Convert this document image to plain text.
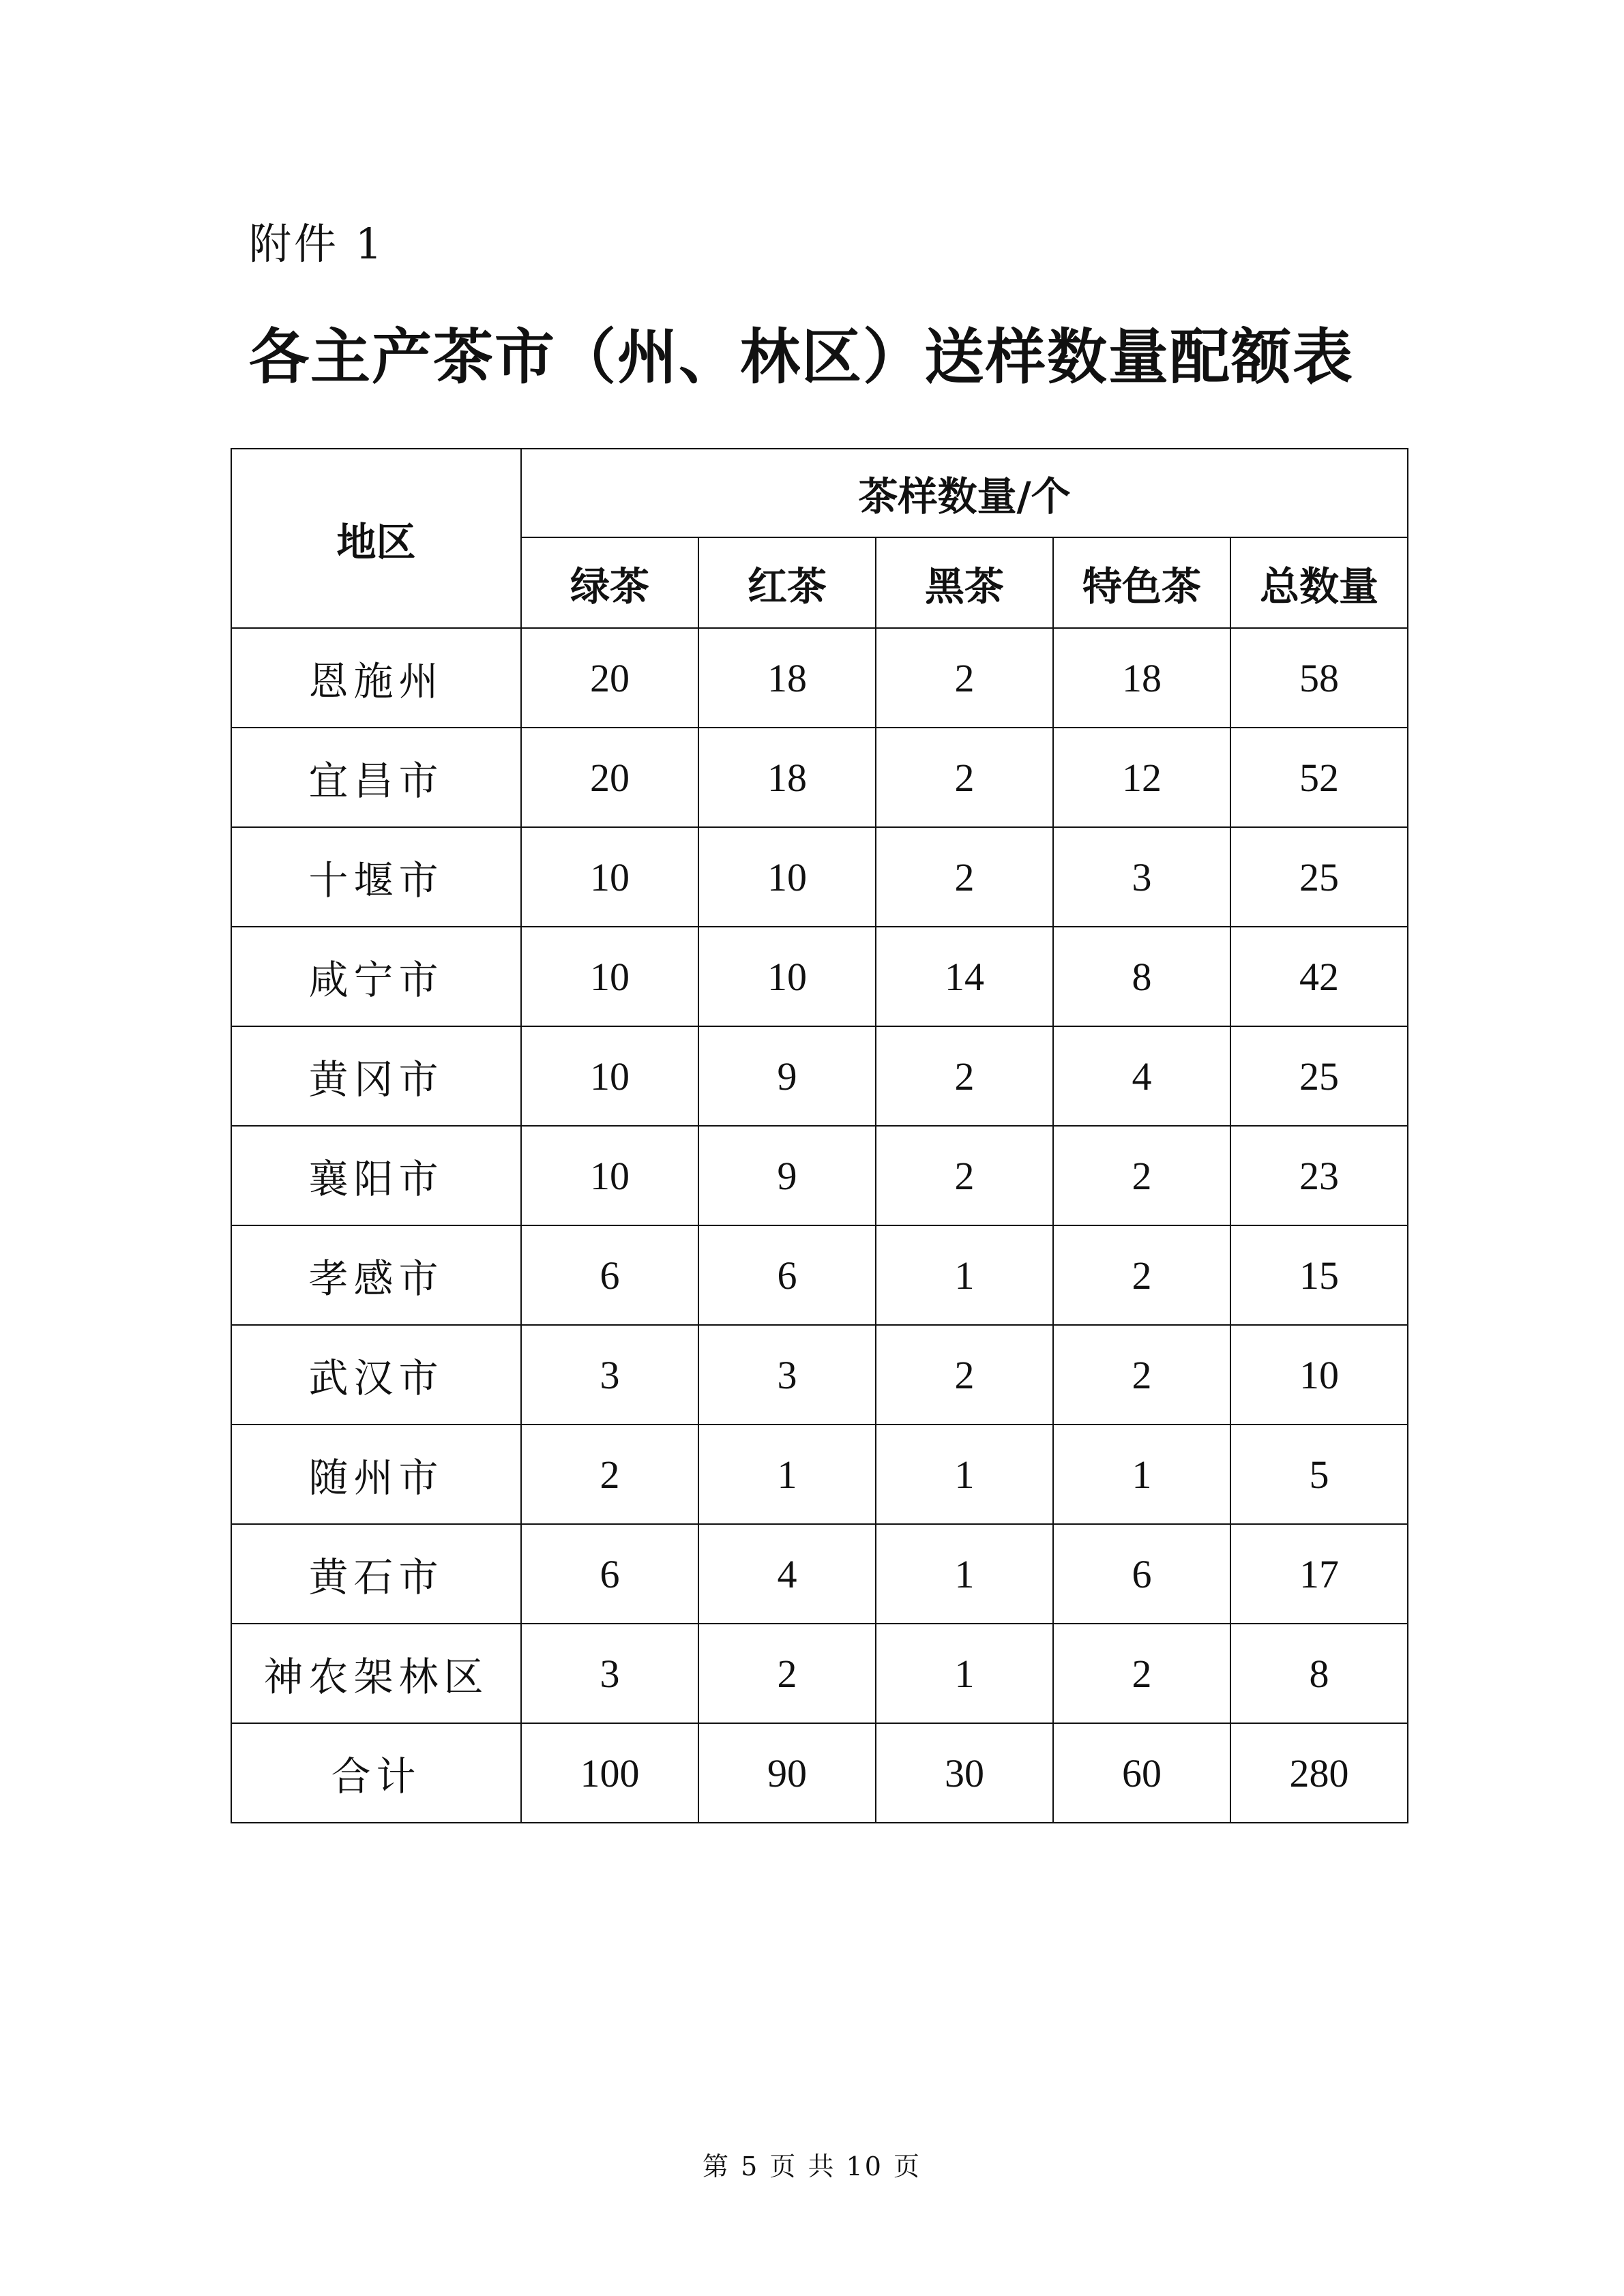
附件 1
各主产茶市（州、林区）送样数量配额表
地区	茶样数量/个				
	绿茶	红茶	黑茶	特色茶	总数量
恩施州	20	18	2	18	58
宜昌市	20	18	2	12	52
十堰市	10	10	2	3	25
咸宁市	10	10	14	8	42
黄冈市	10	9	2	4	25
襄阳市	10	9	2	2	23
孝感市	6	6	1	2	15
武汉市	3	3	2	2	10
随州市	2	1	1	1	5
黄石市	6	4	1	6	17
神农架林区	3	2	1	2	8
合计	100	90	30	60	280
第 5 页 共 10 页
